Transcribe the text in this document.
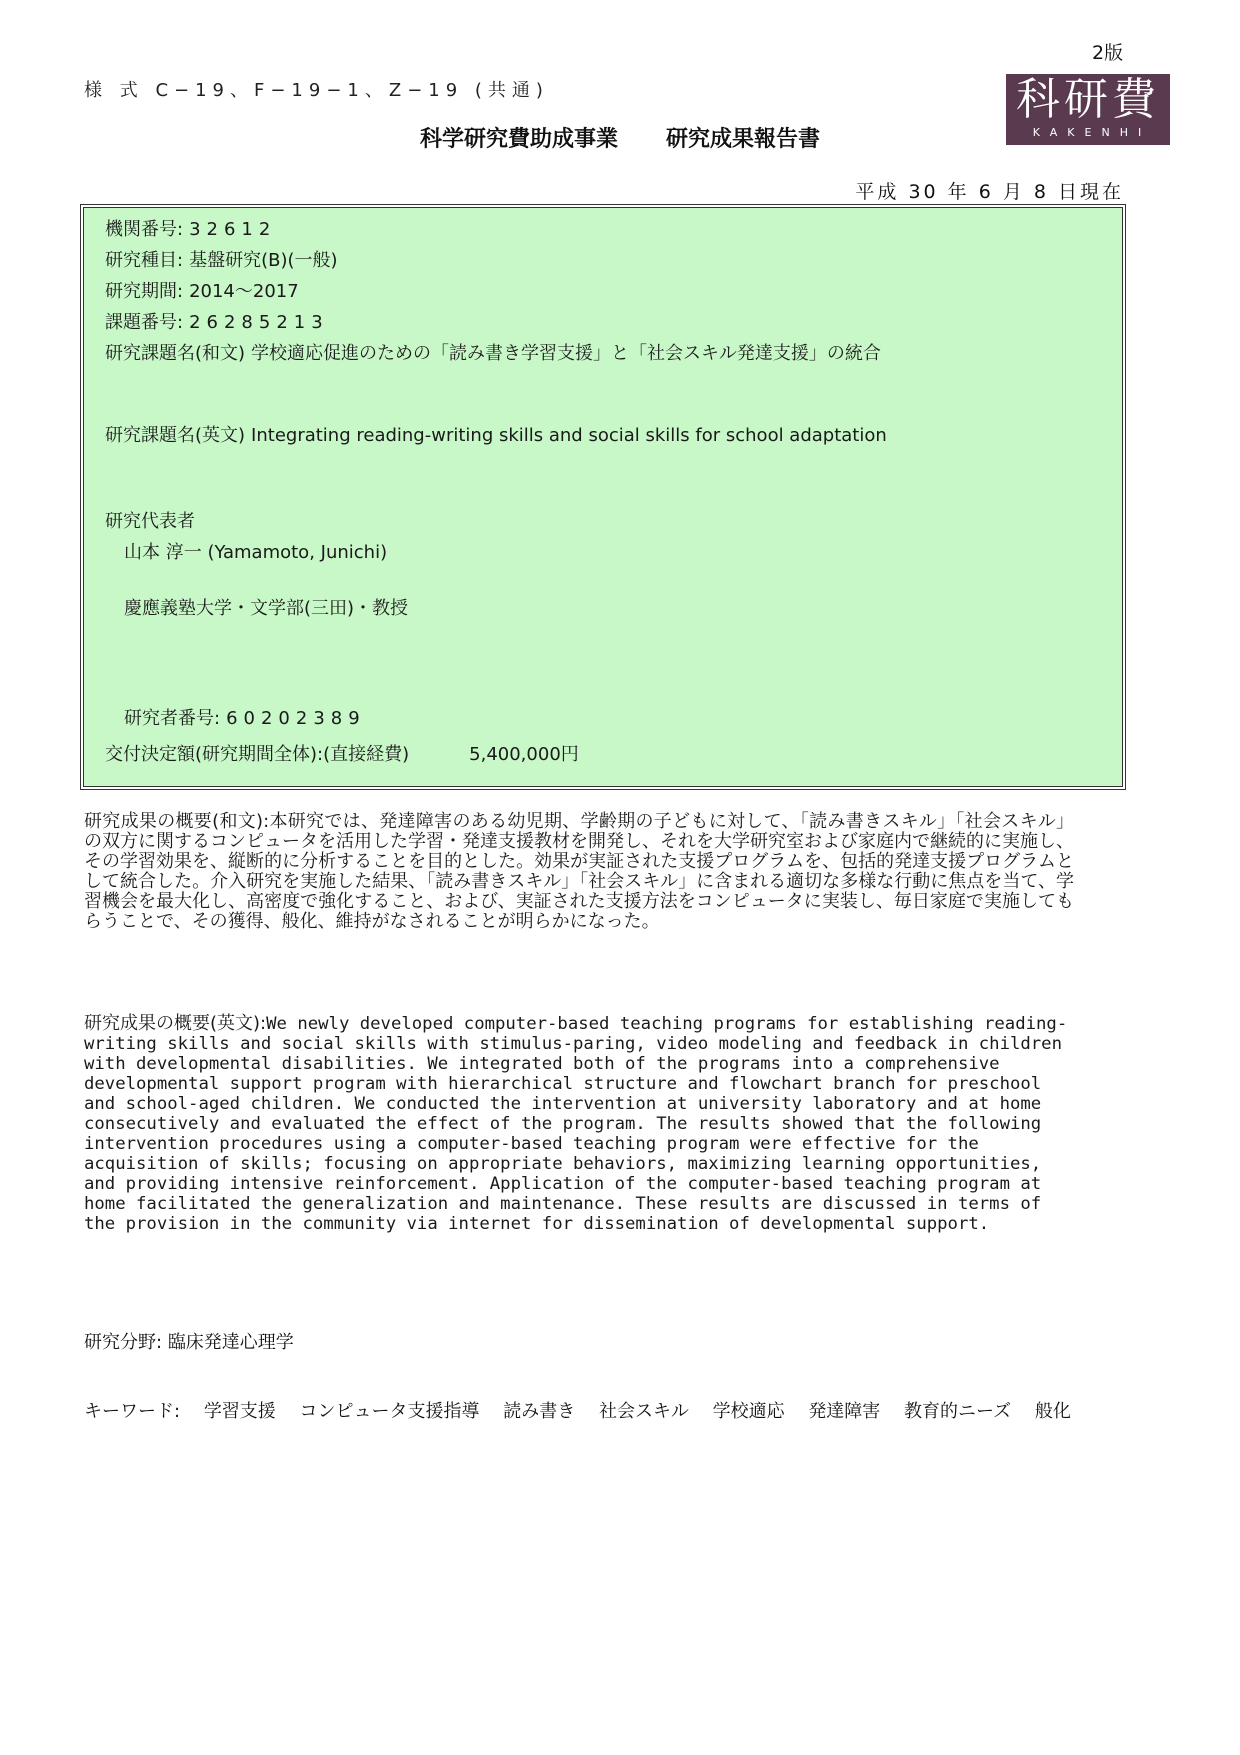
2版
様 式 C−19、F−19−1、Z−19 (共通)	科研費
KAKENHI
科学研究費助成事業 研究成果報告書
平成 30 年 6 月 8 日現在
機関番号: 32612
研究種目: 基盤研究(B)(一般)
研究期間: 2014〜2017
課題番号: 26285213
研究課題名(和文) 学校適応促進のための「読み書き学習支援」と「社会スキル発達支援」の統合
研究課題名(英文) Integrating reading-writing skills and social skills for school adaptation
研究代表者
山本 淳一 (Yamamoto, Junichi)
慶應義塾大学・文学部(三田)・教授
研究者番号: 60202389
交付決定額(研究期間全体):(直接経費)	5,400,000円
研究成果の概要(和文):本研究では、発達障害のある幼児期、学齢期の子どもに対して、「読み書きスキル」「社会スキル」の双方に関するコンピュータを活用した学習・発達支援教材を開発し、それを大学研究室および家庭内で継続的に実施し、その学習効果を、縦断的に分析することを目的とした。効果が実証された支援プログラムを、包括的発達支援プログラムとして統合した。介入研究を実施した結果、「読み書きスキル」「社会スキル」に含まれる適切な多様な行動に焦点を当て、学習機会を最大化し、高密度で強化すること、および、実証された支援方法をコンピュータに実装し、毎日家庭で実施してもらうことで、その獲得、般化、維持がなされることが明らかになった。
研究成果の概要(英文):We newly developed computer-based teaching programs for establishing reading-writing skills and social skills with stimulus-paring, video modeling and feedback in children with developmental disabilities. We integrated both of the programs into a comprehensive developmental support program with hierarchical structure and flowchart branch for preschool and school-aged children. We conducted the intervention at university laboratory and at home consecutively and evaluated the effect of the program. The results showed that the following intervention procedures using a computer-based teaching program were effective for the acquisition of skills; focusing on appropriate behaviors, maximizing learning opportunities, and providing intensive reinforcement. Application of the computer-based teaching program at home facilitated the generalization and maintenance. These results are discussed in terms of the provision in the community via internet for dissemination of developmental support.
研究分野: 臨床発達心理学
キーワード: 学習支援 コンピュータ支援指導 読み書き 社会スキル 学校適応 発達障害 教育的ニーズ 般化
